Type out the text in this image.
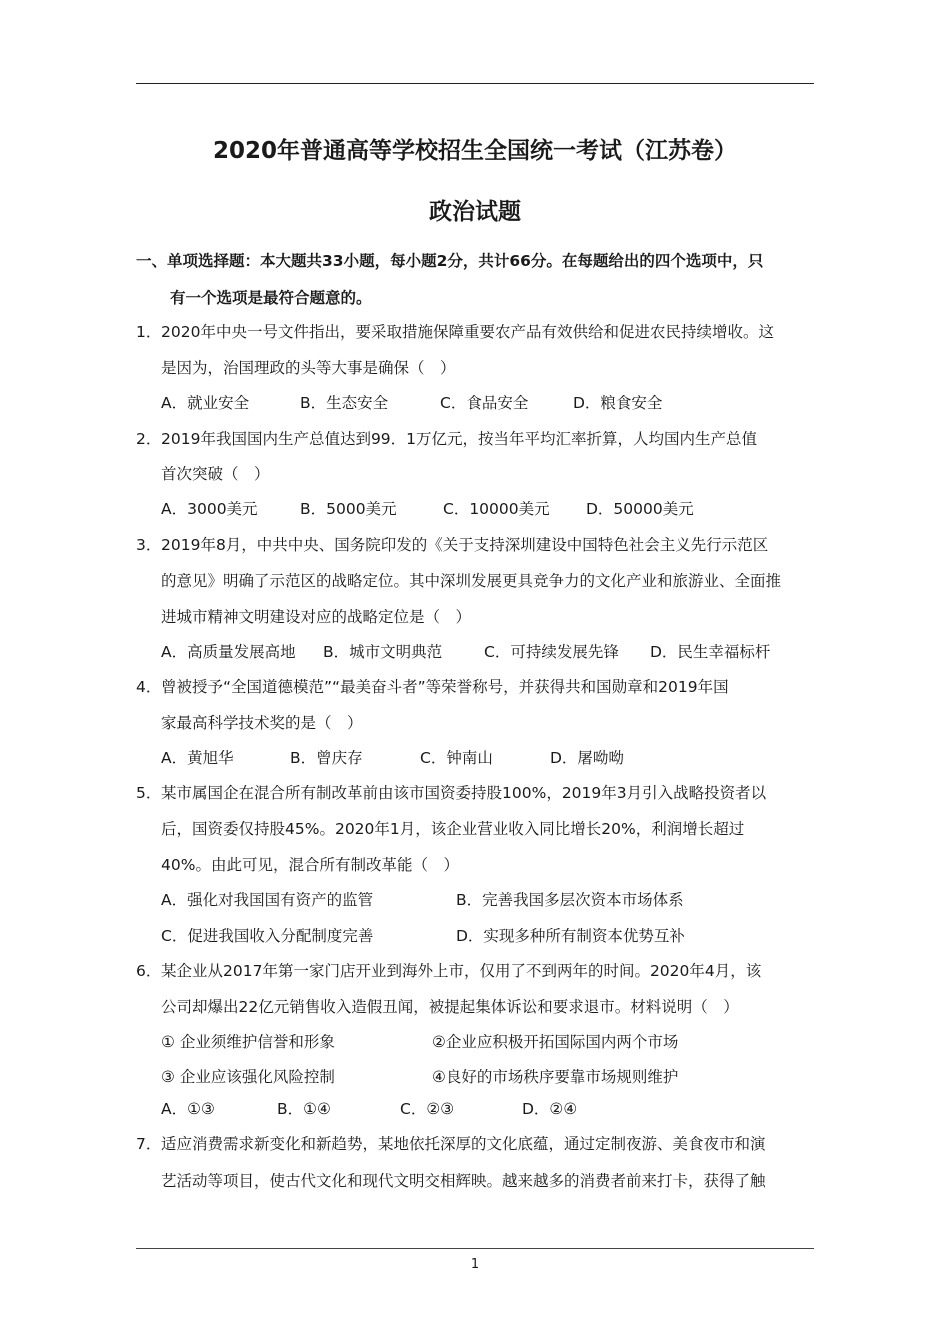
2020年普通高等学校招生全国统一考试（江苏卷）
政治试题
一、单项选择题：本大题共33小题，每小题2分，共计66分。在每题给出的四个选项中，只
有一个选项是最符合题意的。
1． 2020年中央一号文件指出，要采取措施保障重要农产品有效供给和促进农民持续增收。这
是因为，治国理政的头等大事是确保（　）
A．就业安全	B．生态安全	C．食品安全	D．粮食安全
2． 2019年我国国内生产总值达到99．1万亿元，按当年平均汇率折算，人均国内生产总值
首次突破（　）
A．3000美元	B．5000美元	C．10000美元 D．50000美元
3． 2019年8月，中共中央、国务院印发的《关于支持深圳建设中国特色社会主义先行示范区
的意见》明确了示范区的战略定位。其中深圳发展更具竞争力的文化产业和旅游业、全面推
进城市精神文明建设对应的战略定位是（　）
A．高质量发展高地 B．城市文明典范	C．可持续发展先锋 D．民生幸福标杆
4． 曾被授予“全国道德模范”“最美奋斗者”等荣誉称号，并获得共和国勋章和2019年国
家最高科学技术奖的是（　）
A．黄旭华	B．曾庆存	C．钟南山	D．屠呦呦
5． 某市属国企在混合所有制改革前由该市国资委持股100%，2019年3月引入战略投资者以
后，国资委仅持股45%。2020年1月，该企业营业收入同比增长20%，利润增长超过
40%。由此可见，混合所有制改革能（　）
A．强化对我国国有资产的监管	B．完善我国多层次资本市场体系
C．促进我国收入分配制度完善	D．实现多种所有制资本优势互补
6． 某企业从2017年第一家门店开业到海外上市，仅用了不到两年的时间。2020年4月，该
公司却爆出22亿元销售收入造假丑闻，被提起集体诉讼和要求退市。材料说明（　）
① 企业须维护信誉和形象	②企业应积极开拓国际国内两个市场
③ 企业应该强化风险控制	④良好的市场秩序要靠市场规则维护
A．①③	B．①④	C．②③	D．②④
7． 适应消费需求新变化和新趋势，某地依托深厚的文化底蕴，通过定制夜游、美食夜市和演
艺活动等项目，使古代文化和现代文明交相辉映。越来越多的消费者前来打卡，获得了触
1
